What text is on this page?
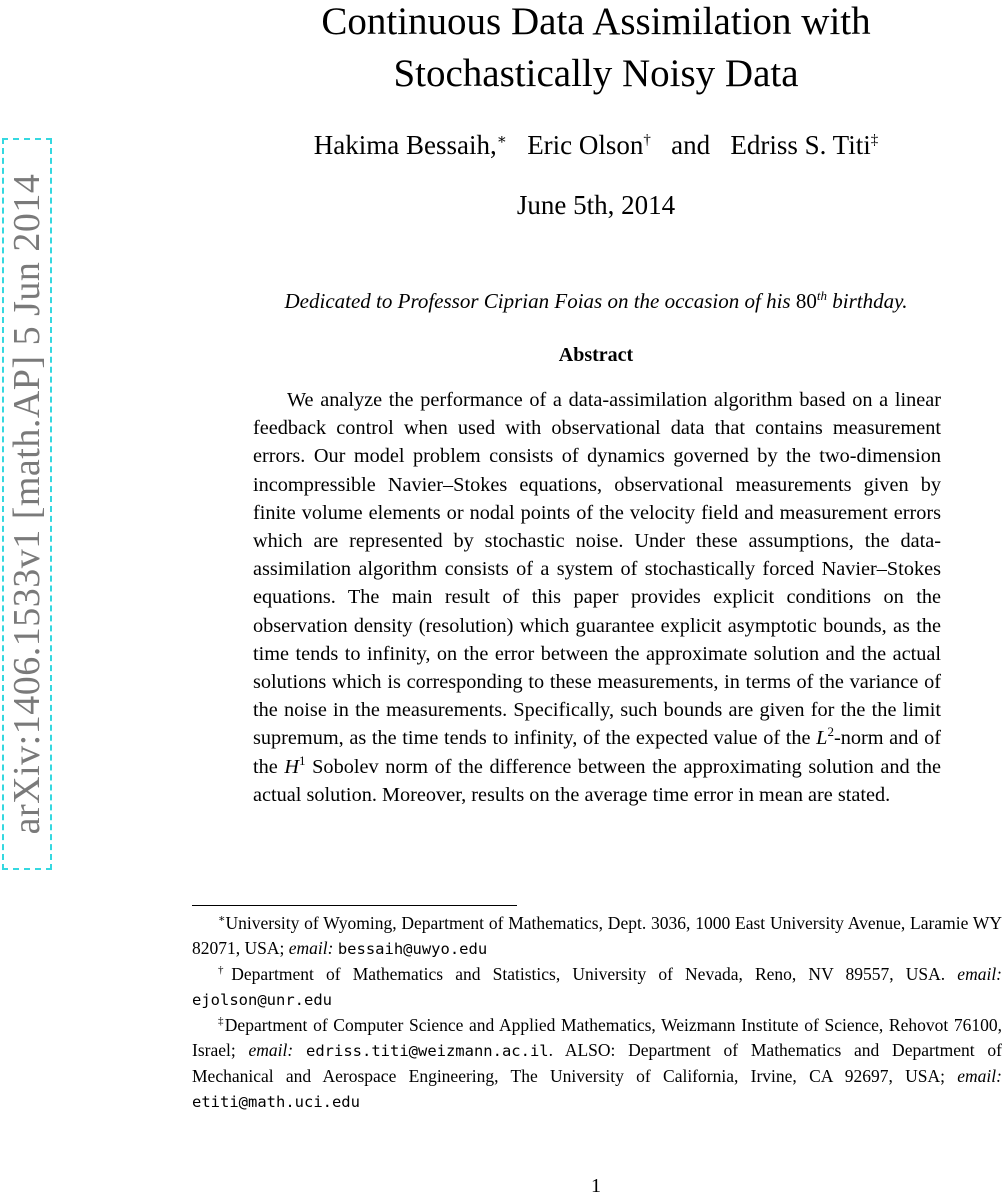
arXiv:1406.1533v1 [math.AP] 5 Jun 2014
Continuous Data Assimilation with
Stochastically Noisy Data
Hakima Bessaih,∗ Eric Olson† and Edriss S. Titi‡
June 5th, 2014
Dedicated to Professor Ciprian Foias on the occasion of his 80th birthday.
Abstract
We analyze the performance of a data-assimilation algorithm based on a linear feedback control when used with observational data that contains measurement errors. Our model problem consists of dynamics governed by the two-dimension incompressible Navier–Stokes equations, observational measurements given by finite volume elements or nodal points of the velocity field and measurement errors which are represented by stochastic noise. Under these assumptions, the data-assimilation algorithm consists of a system of stochastically forced Navier–Stokes equations. The main result of this paper provides explicit conditions on the observation density (resolution) which guarantee explicit asymptotic bounds, as the time tends to infinity, on the error between the approximate solution and the actual solutions which is corresponding to these measurements, in terms of the variance of the noise in the measurements. Specifically, such bounds are given for the the limit supremum, as the time tends to infinity, of the expected value of the $L^2$-norm and of the $H^1$ Sobolev norm of the difference between the approximating solution and the actual solution. Moreover, results on the average time error in mean are stated.

∗University of Wyoming, Department of Mathematics, Dept. 3036, 1000 East University Avenue, Laramie WY 82071, USA; email: bessaih@uwyo.edu

†Department of Mathematics and Statistics, University of Nevada, Reno, NV 89557, USA. email: ejolson@unr.edu

‡Department of Computer Science and Applied Mathematics, Weizmann Institute of Science, Rehovot 76100, Israel; email: edriss.titi@weizmann.ac.il. ALSO: Department of Mathematics and Department of Mechanical and Aerospace Engineering, The University of California, Irvine, CA 92697, USA; email: etiti@math.uci.edu

1
